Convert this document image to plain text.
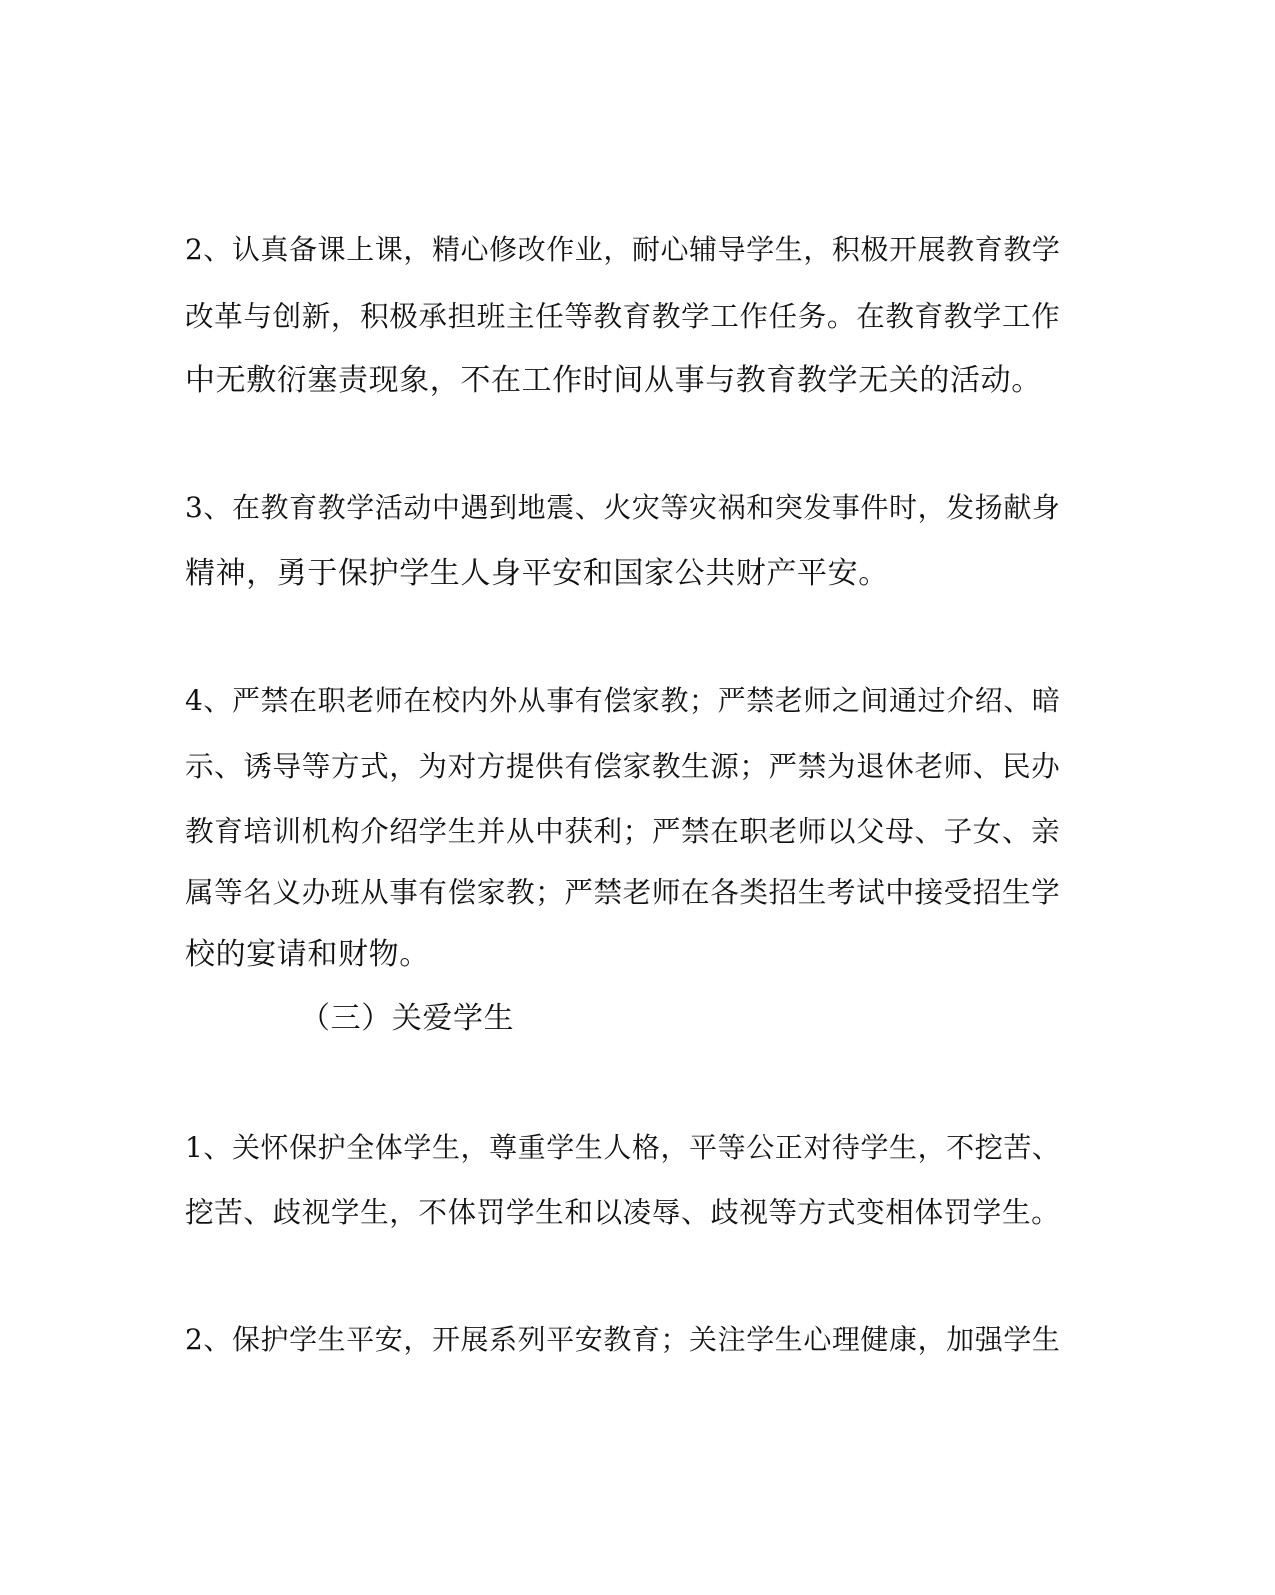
2、认真备课上课，精心修改作业，耐心辅导学生，积极开展教育教学
改革与创新，积极承担班主任等教育教学工作任务。在教育教学工作
中无敷衍塞责现象，不在工作时间从事与教育教学无关的活动。
3、在教育教学活动中遇到地震、火灾等灾祸和突发事件时，发扬献身
精神，勇于保护学生人身平安和国家公共财产平安。
4、严禁在职老师在校内外从事有偿家教；严禁老师之间通过介绍、暗
示、诱导等方式，为对方提供有偿家教生源；严禁为退休老师、民办
教育培训机构介绍学生并从中获利；严禁在职老师以父母、子女、亲
属等名义办班从事有偿家教；严禁老师在各类招生考试中接受招生学
校的宴请和财物。
（三）关爱学生
1、关怀保护全体学生，尊重学生人格，平等公正对待学生，不挖苦、
挖苦、歧视学生，不体罚学生和以凌辱、歧视等方式变相体罚学生。
2、保护学生平安，开展系列平安教育；关注学生心理健康，加强学生
